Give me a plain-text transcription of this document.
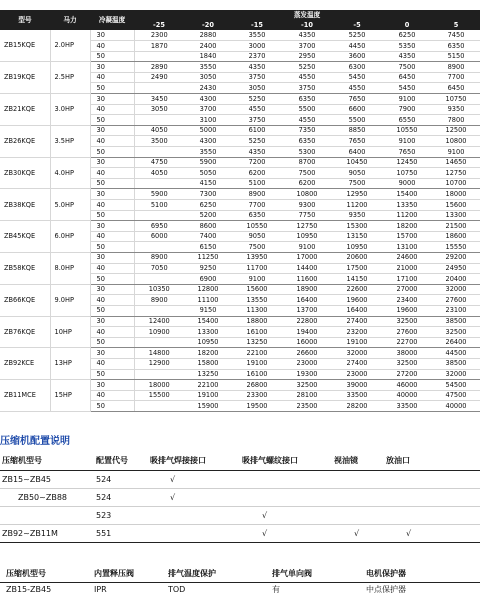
型号	马力	冷凝温度	蒸发温度						
			-25	-20	-15	-10	-5	0	5
ZB15KQE	2.0HP	30	2300	2880	3550	4350	5250	6250	7450
		40	1870	2400	3000	3700	4450	5350	6350
		50		1840	2370	2950	3600	4350	5150
ZB19KQE	2.5HP	30	2890	3550	4350	5250	6300	7500	8900
		40	2490	3050	3750	4550	5450	6450	7700
		50		2430	3050	3750	4550	5450	6450
ZB21KQE	3.0HP	30	3450	4300	5250	6350	7650	9100	10750
		40	3050	3700	4550	5500	6600	7900	9350
		50		3100	3750	4550	5500	6550	7800
ZB26KQE	3.5HP	30	4050	5000	6100	7350	8850	10550	12500
		40	3500	4300	5250	6350	7650	9100	10800
		50		3550	4350	5300	6400	7650	9100
ZB30KQE	4.0HP	30	4750	5900	7200	8700	10450	12450	14650
		40	4050	5050	6200	7500	9050	10750	12750
		50		4150	5100	6200	7500	9000	10700
ZB38KQE	5.0HP	30	5900	7300	8900	10800	12950	15400	18000
		40	5100	6250	7700	9300	11200	13350	15600
		50		5200	6350	7750	9350	11200	13300
ZB45KQE	6.0HP	30	6950	8600	10550	12750	15300	18200	21500
		40	6000	7400	9050	10950	13150	15700	18600
		50		6150	7500	9100	10950	13100	15550
ZB58KQE	8.0HP	30	8900	11250	13950	17000	20600	24600	29200
		40	7050	9250	11700	14400	17500	21000	24950
		50		6900	9100	11600	14150	17100	20400
ZB66KQE	9.0HP	30	10350	12800	15600	18900	22600	27000	32000
		40	8900	11100	13550	16400	19600	23400	27600
		50		9150	11300	13700	16400	19600	23100
ZB76KQE	10HP	30	12400	15400	18800	22800	27400	32500	38500
		40	10900	13300	16100	19400	23200	27600	32500
		50		10950	13250	16000	19100	22700	26400
ZB92KCE	13HP	30	14800	18200	22100	26600	32000	38000	44500
		40	12900	15800	19100	23000	27400	32500	38500
		50		13250	16100	19300	23000	27200	32000
ZB11MCE	15HP	30	18000	22100	26800	32500	39000	46000	54500
		40	15500	19100	23300	28100	33500	40000	47500
		50		15900	19500	23500	28200	33500	40000
压缩机配置说明
压缩机型号	配置代号	吸排气焊接接口	吸排气螺纹接口	视油镜	放油口
ZB15~ZB45	524	√			
ZB50~ZB88	524	√			
	523		√		
ZB92~ZB11M	551		√	√	√
压缩机型号	内置释压阀	排气温度保护	排气单向阀	电机保护器
ZB15-ZB45	IPR	TOD	有	中点保护器
